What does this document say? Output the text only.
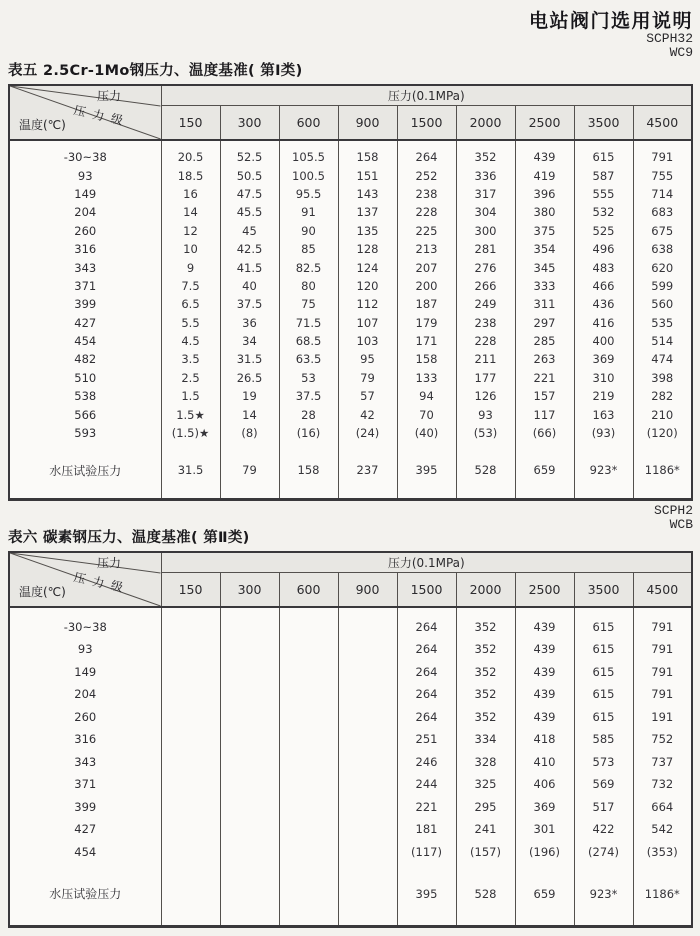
电站阀门选用说明
SCPH32
WC9
表五 2.5Cr-1Mo钢压力、温度基准( 第Ⅰ类)
压力
压力级
温度(℃)	压力(0.1MPa)								
	150	300	600	900	1500	2000	2500	3500	4500
-30~38	20.5	52.5	105.5	158	264	352	439	615	791
93	18.5	50.5	100.5	151	252	336	419	587	755
149	16	47.5	95.5	143	238	317	396	555	714
204	14	45.5	91	137	228	304	380	532	683
260	12	45	90	135	225	300	375	525	675
316	10	42.5	85	128	213	281	354	496	638
343	9	41.5	82.5	124	207	276	345	483	620
371	7.5	40	80	120	200	266	333	466	599
399	6.5	37.5	75	112	187	249	311	436	560
427	5.5	36	71.5	107	179	238	297	416	535
454	4.5	34	68.5	103	171	228	285	400	514
482	3.5	31.5	63.5	95	158	211	263	369	474
510	2.5	26.5	53	79	133	177	221	310	398
538	1.5	19	37.5	57	94	126	157	219	282
566	1.5★	14	28	42	70	93	117	163	210
593	(1.5)★	(8)	(16)	(24)	(40)	(53)	(66)	(93)	(120)
水压试验压力	31.5	79	158	237	395	528	659	923*	1186*
SCPH2
WCB
表六 碳素钢压力、温度基准( 第Ⅱ类)
压力
压力级
温度(℃)	压力(0.1MPa)								
	150	300	600	900	1500	2000	2500	3500	4500
-30~38					264	352	439	615	791
93					264	352	439	615	791
149					264	352	439	615	791
204					264	352	439	615	791
260					264	352	439	615	191
316					251	334	418	585	752
343					246	328	410	573	737
371					244	325	406	569	732
399					221	295	369	517	664
427					181	241	301	422	542
454					(117)	(157)	(196)	(274)	(353)
水压试验压力					395	528	659	923*	1186*
